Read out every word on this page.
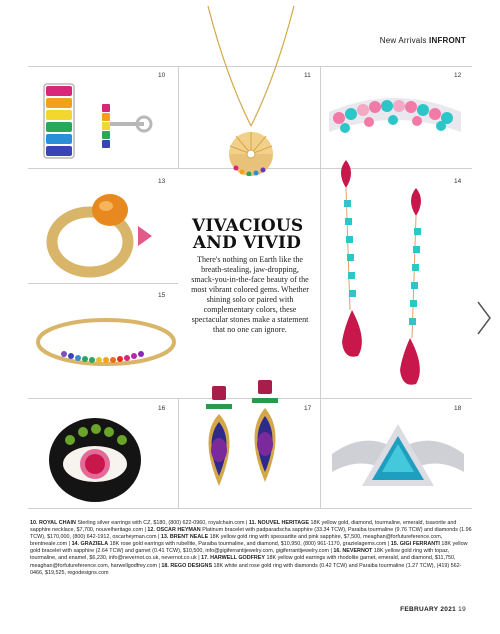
New Arrivals INFRONT
10	11	12
13	14
15
16	17	18
VIVACIOUS
AND VIVID
There's nothing on Earth like the breath-stealing, jaw-dropping, smack-you-in-the-face beauty of the most vibrant colored gems. Whether shining solo or paired with complementary colors, these spectacular stones make a statement that no one can ignore.
10. ROYAL CHAIN Sterling silver earrings with CZ, $180, (800) 622-0960, royalchain.com | 11. NOUVEL HERITAGE 18K yellow gold, diamond, tourmaline, emerald, tsavorite and sapphire necklace, $7,700, nouvelheritage.com | 12. OSCAR HEYMAN Platinum bracelet with padparadscha sapphire (33.34 TCW), Paraiba tourmaline (9.76 TCW) and diamonds (1.96 TCW), $170,000, (800) 642-1912, oscarheyman.com | 13. BRENT NEALE 18K yellow gold ring with spessartite and pink sapphire, $7,500, meaghan@forfutureference.com, brentneale.com | 14. GRAZIELA 18K rose gold earrings with rubellite, Paraiba tourmaline, and diamond, $10,950, (800) 961-1170, grazielagems.com | 15. GIGI FERRANTI 18K yellow gold bracelet with sapphire (2.64 TCW) and garnet (0.41 TCW), $10,500, info@gigiferrantijewelry.com, gigiferrantijewelry.com | 16. NEVERNOT 18K yellow gold ring with topaz, tourmaline, and enamel, $6,230, info@nevernot.co.uk, nevernot.co.uk | 17. HARWELL GODFREY 18K yellow gold earrings with rhodolite garnet, emerald, and diamond, $11,750, meaghan@forfutureference.com, harwellgodfrey.com | 18. REGO DESIGNS 18K white and rose gold ring with diamonds (0.42 TCW) and Paraiba tourmaline (1.27 TCW), (419) 562-0466, $19,525, regodesigns.com
FEBRUARY 2021 19
